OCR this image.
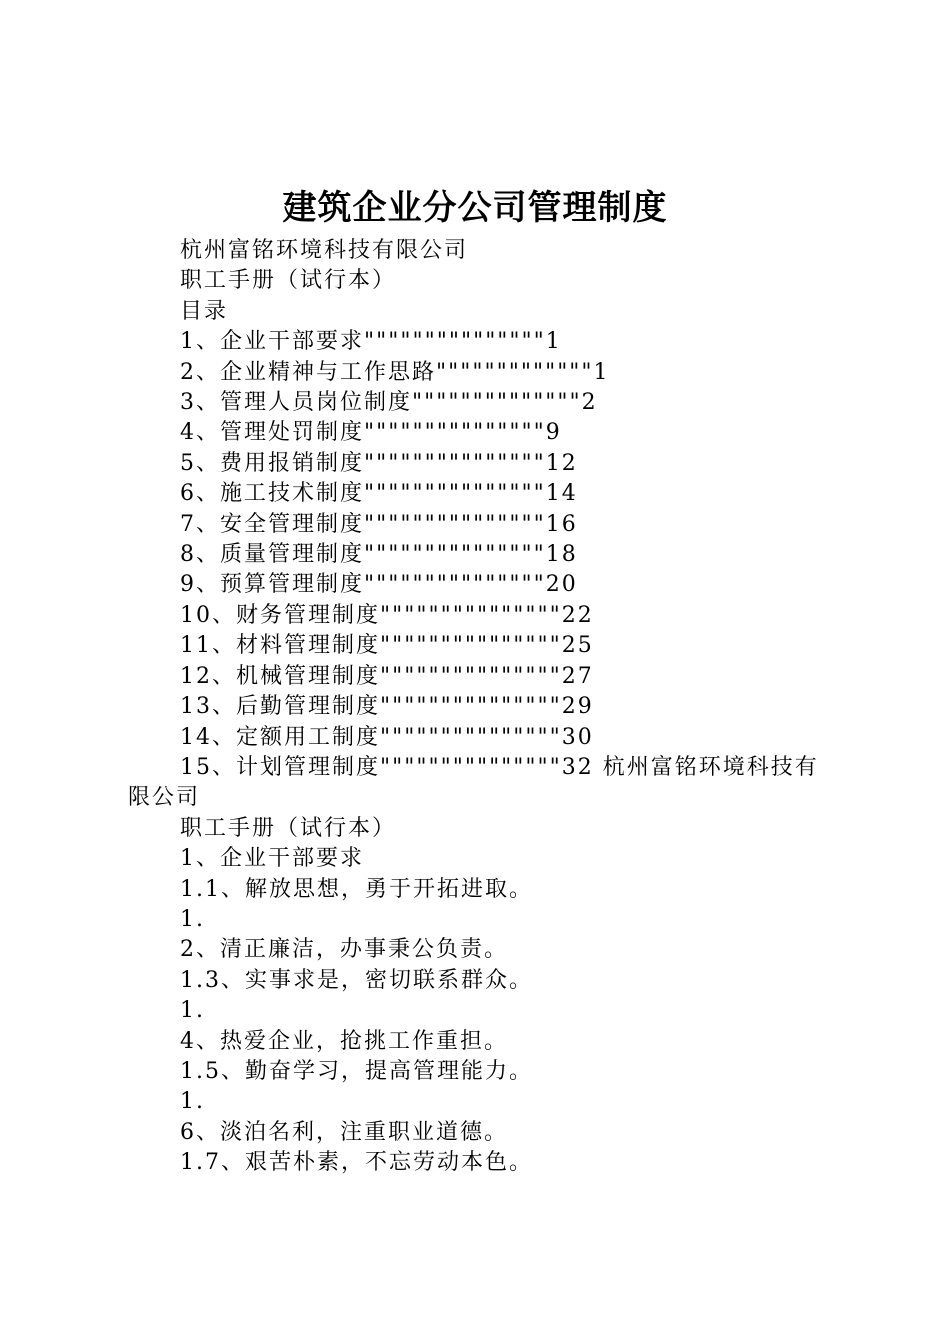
建筑企业分公司管理制度
杭州富铭环境科技有限公司
职工手册（试行本）
目录
1、企业干部要求"""""""""""""""1
2、企业精神与工作思路"""""""""""""1
3、管理人员岗位制度""""""""""""""2
4、管理处罚制度"""""""""""""""9
5、费用报销制度"""""""""""""""12
6、施工技术制度"""""""""""""""14
7、安全管理制度"""""""""""""""16
8、质量管理制度"""""""""""""""18
9、预算管理制度"""""""""""""""20
10、财务管理制度"""""""""""""""22
11、材料管理制度"""""""""""""""25
12、机械管理制度"""""""""""""""27
13、后勤管理制度"""""""""""""""29
14、定额用工制度"""""""""""""""30
15、计划管理制度"""""""""""""""32 杭州富铭环境科技有限公司
职工手册（试行本）
1、企业干部要求
1.1、解放思想，勇于开拓进取。
1.
2、清正廉洁，办事秉公负责。
1.3、实事求是，密切联系群众。
1.
4、热爱企业，抢挑工作重担。
1.5、勤奋学习，提高管理能力。
1.
6、淡泊名利，注重职业道德。
1.7、艰苦朴素，不忘劳动本色。
